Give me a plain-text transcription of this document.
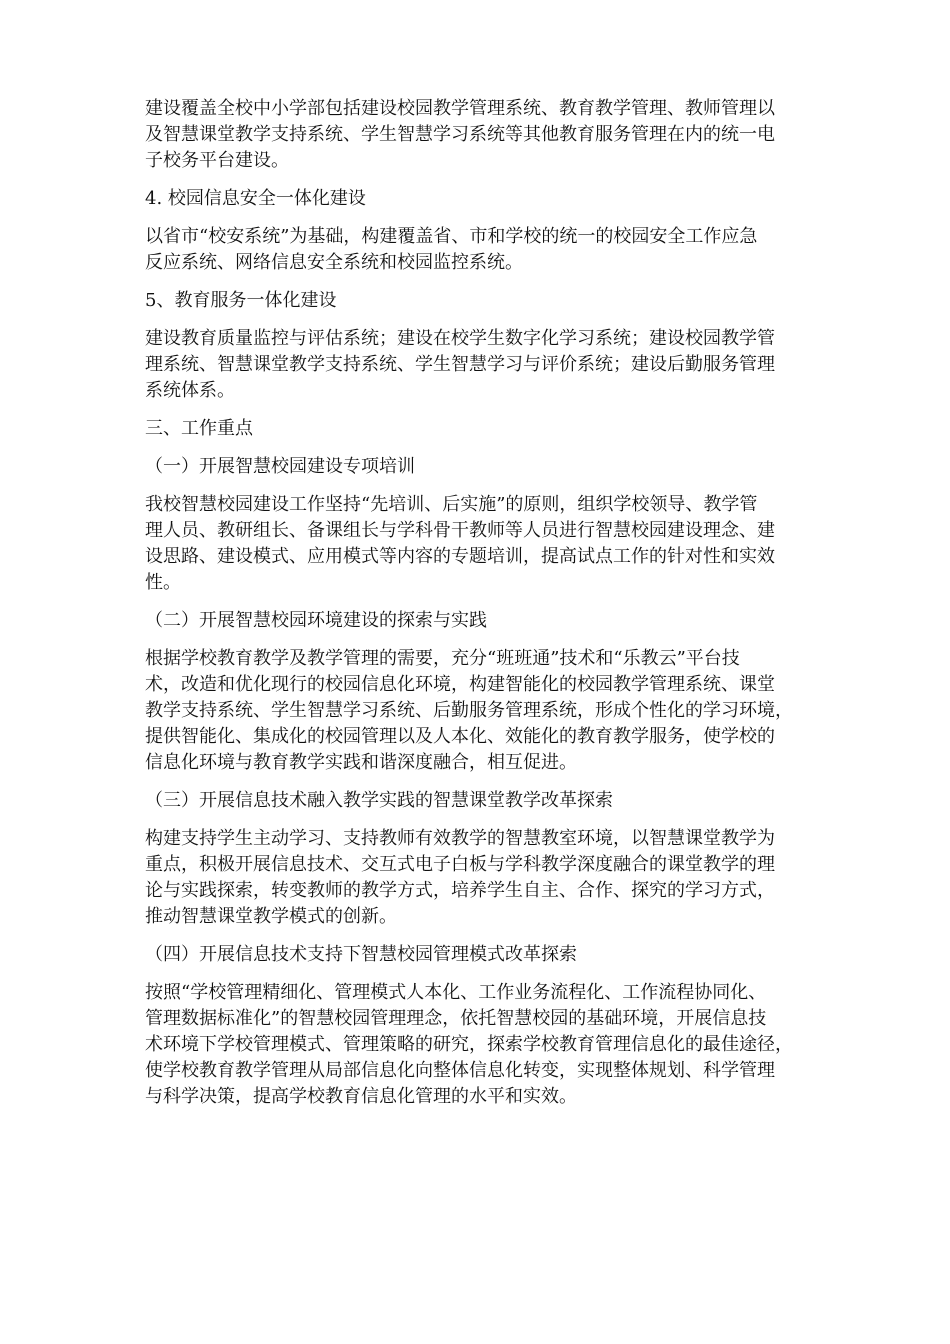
建设覆盖全校中小学部包括建设校园教学管理系统、教育教学管理、教师管理以
及智慧课堂教学支持系统、学生智慧学习系统等其他教育服务管理在内的统一电
子校务平台建设。
4. 校园信息安全一体化建设
以省市“校安系统”为基础，构建覆盖省、市和学校的统一的校园安全工作应急
反应系统、网络信息安全系统和校园监控系统。
5、教育服务一体化建设
建设教育质量监控与评估系统；建设在校学生数字化学习系统；建设校园教学管
理系统、智慧课堂教学支持系统、学生智慧学习与评价系统；建设后勤服务管理
系统体系。
三、工作重点
（一）开展智慧校园建设专项培训
我校智慧校园建设工作坚持“先培训、后实施”的原则，组织学校领导、教学管
理人员、教研组长、备课组长与学科骨干教师等人员进行智慧校园建设理念、建
设思路、建设模式、应用模式等内容的专题培训，提高试点工作的针对性和实效
性。
（二）开展智慧校园环境建设的探索与实践
根据学校教育教学及教学管理的需要，充分“班班通”技术和“乐教云”平台技
术，改造和优化现行的校园信息化环境，构建智能化的校园教学管理系统、课堂
教学支持系统、学生智慧学习系统、后勤服务管理系统，形成个性化的学习环境，
提供智能化、集成化的校园管理以及人本化、效能化的教育教学服务，使学校的
信息化环境与教育教学实践和谐深度融合，相互促进。
（三）开展信息技术融入教学实践的智慧课堂教学改革探索
构建支持学生主动学习、支持教师有效教学的智慧教室环境，以智慧课堂教学为
重点，积极开展信息技术、交互式电子白板与学科教学深度融合的课堂教学的理
论与实践探索，转变教师的教学方式，培养学生自主、合作、探究的学习方式，
推动智慧课堂教学模式的创新。
（四）开展信息技术支持下智慧校园管理模式改革探索
按照“学校管理精细化、管理模式人本化、工作业务流程化、工作流程协同化、
管理数据标准化”的智慧校园管理理念，依托智慧校园的基础环境，开展信息技
术环境下学校管理模式、管理策略的研究，探索学校教育管理信息化的最佳途径，
使学校教育教学管理从局部信息化向整体信息化转变，实现整体规划、科学管理
与科学决策，提高学校教育信息化管理的水平和实效。
